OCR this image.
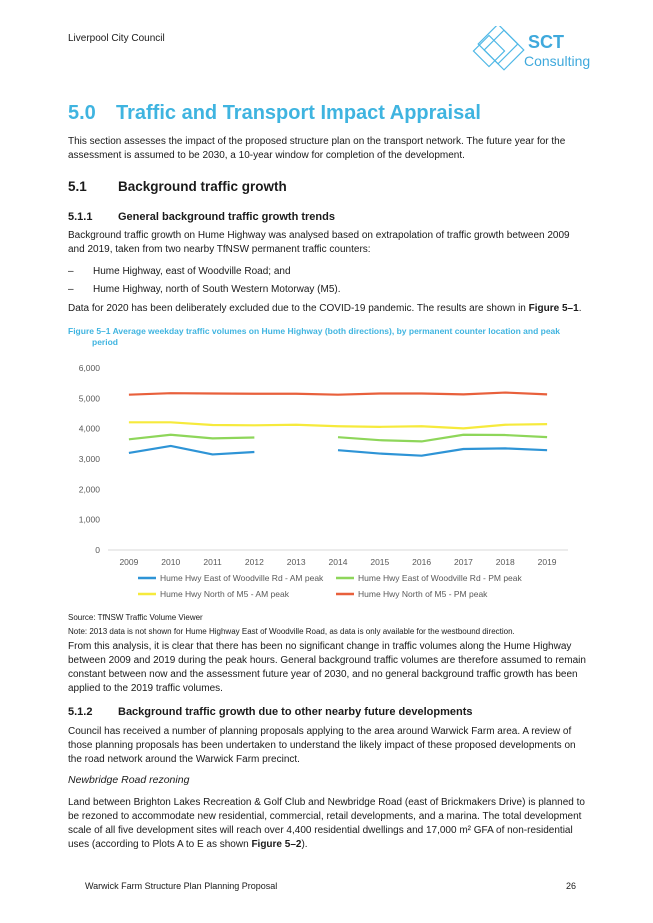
Liverpool City Council	SCT
Consulting
5.0 Traffic and Transport Impact Appraisal
This section assesses the impact of the proposed structure plan on the transport network. The future year for the assessment is assumed to be 2030, a 10-year window for completion of the development.
5.1 Background traffic growth
5.1.1 General background traffic growth trends
Background traffic growth on Hume Highway was analysed based on extrapolation of traffic growth between 2009 and 2019, taken from two nearby TfNSW permanent traffic counters:
– Hume Highway, east of Woodville Road; and
– Hume Highway, north of South Western Motorway (M5).
Data for 2020 has been deliberately excluded due to the COVID-19 pandemic. The results are shown in Figure 5–1.
Figure 5–1 Average weekday traffic volumes on Hume Highway (both directions), by permanent counter location and peak
period
0
1,000
2,000
3,000
4,000
5,000
6,000
2009	2010	2011	2012	2013	2014	2015	2016	2017	2018	2019
Hume Hwy East of Woodville Rd - AM peak	Hume Hwy East of Woodville Rd - PM peak
Hume Hwy North of M5 - AM peak	Hume Hwy North of M5 - PM peak
Source: TfNSW Traffic Volume Viewer
Note: 2013 data is not shown for Hume Highway East of Woodville Road, as data is only available for the westbound direction.
From this analysis, it is clear that there has been no significant change in traffic volumes along the Hume Highway between 2009 and 2019 during the peak hours. General background traffic volumes are therefore assumed to remain constant between now and the assessment future year of 2030, and no general background traffic growth has been applied to the 2019 traffic volumes.
5.1.2 Background traffic growth due to other nearby future developments
Council has received a number of planning proposals applying to the area around Warwick Farm area. A review of those planning proposals has been undertaken to understand the likely impact of these proposed developments on the road network around the Warwick Farm precinct.
Newbridge Road rezoning
Land between Brighton Lakes Recreation & Golf Club and Newbridge Road (east of Brickmakers Drive) is planned to be rezoned to accommodate new residential, commercial, retail developments, and a marina. The total development scale of all five development sites will reach over 4,400 residential dwellings and 17,000 m² GFA of non-residential uses (according to Plots A to E as shown Figure 5–2).
Warwick Farm Structure Plan Planning Proposal	26
